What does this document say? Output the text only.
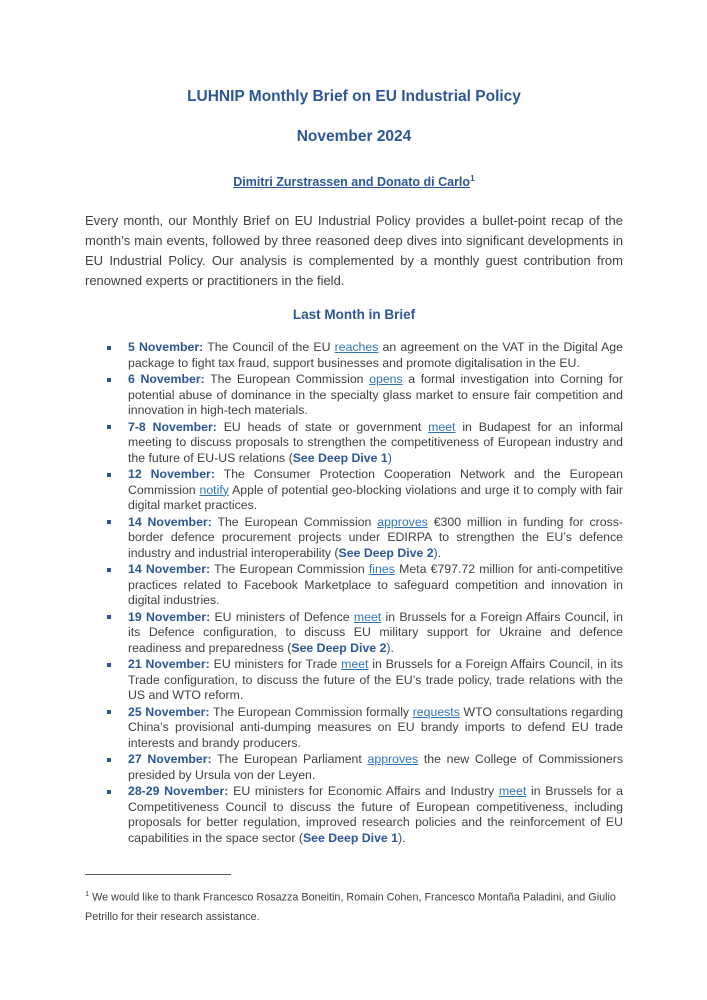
LUHNIP Monthly Brief on EU Industrial Policy
November 2024
Dimitri Zurstrassen and Donato di Carlo$^1$

Every month, our Monthly Brief on EU Industrial Policy provides a bullet-point recap of the month’s main events, followed by three reasoned deep dives into significant developments in EU Industrial Policy. Our analysis is complemented by a monthly guest contribution from renowned experts or practitioners in the field.

Last Month in Brief
5 November: The Council of the EU reaches an agreement on the VAT in the Digital Age package to fight tax fraud, support businesses and promote digitalisation in the EU.
6 November: The European Commission opens a formal investigation into Corning for potential abuse of dominance in the specialty glass market to ensure fair competition and innovation in high-tech materials.
7-8 November: EU heads of state or government meet in Budapest for an informal meeting to discuss proposals to strengthen the competitiveness of European industry and the future of EU-US relations (See Deep Dive 1)
12 November: The Consumer Protection Cooperation Network and the European Commission notify Apple of potential geo-blocking violations and urge it to comply with fair digital market practices.
14 November: The European Commission approves €300 million in funding for cross-border defence procurement projects under EDIRPA to strengthen the EU’s defence industry and industrial interoperability (See Deep Dive 2).
14 November: The European Commission fines Meta €797.72 million for anti-competitive practices related to Facebook Marketplace to safeguard competition and innovation in digital industries.
19 November: EU ministers of Defence meet in Brussels for a Foreign Affairs Council, in its Defence configuration, to discuss EU military support for Ukraine and defence readiness and preparedness (See Deep Dive 2).
21 November: EU ministers for Trade meet in Brussels for a Foreign Affairs Council, in its Trade configuration, to discuss the future of the EU’s trade policy, trade relations with the US and WTO reform.
25 November: The European Commission formally requests WTO consultations regarding China’s provisional anti-dumping measures on EU brandy imports to defend EU trade interests and brandy producers.
27 November: The European Parliament approves the new College of Commissioners presided by Ursula von der Leyen.
28-29 November: EU ministers for Economic Affairs and Industry meet in Brussels for a Competitiveness Council to discuss the future of European competitiveness, including proposals for better regulation, improved research policies and the reinforcement of EU capabilities in the space sector (See Deep Dive 1).
$^1$ We would like to thank Francesco Rosazza Boneitin, Romain Cohen, Francesco Montaña Paladini, and Giulio Petrillo for their research assistance.
